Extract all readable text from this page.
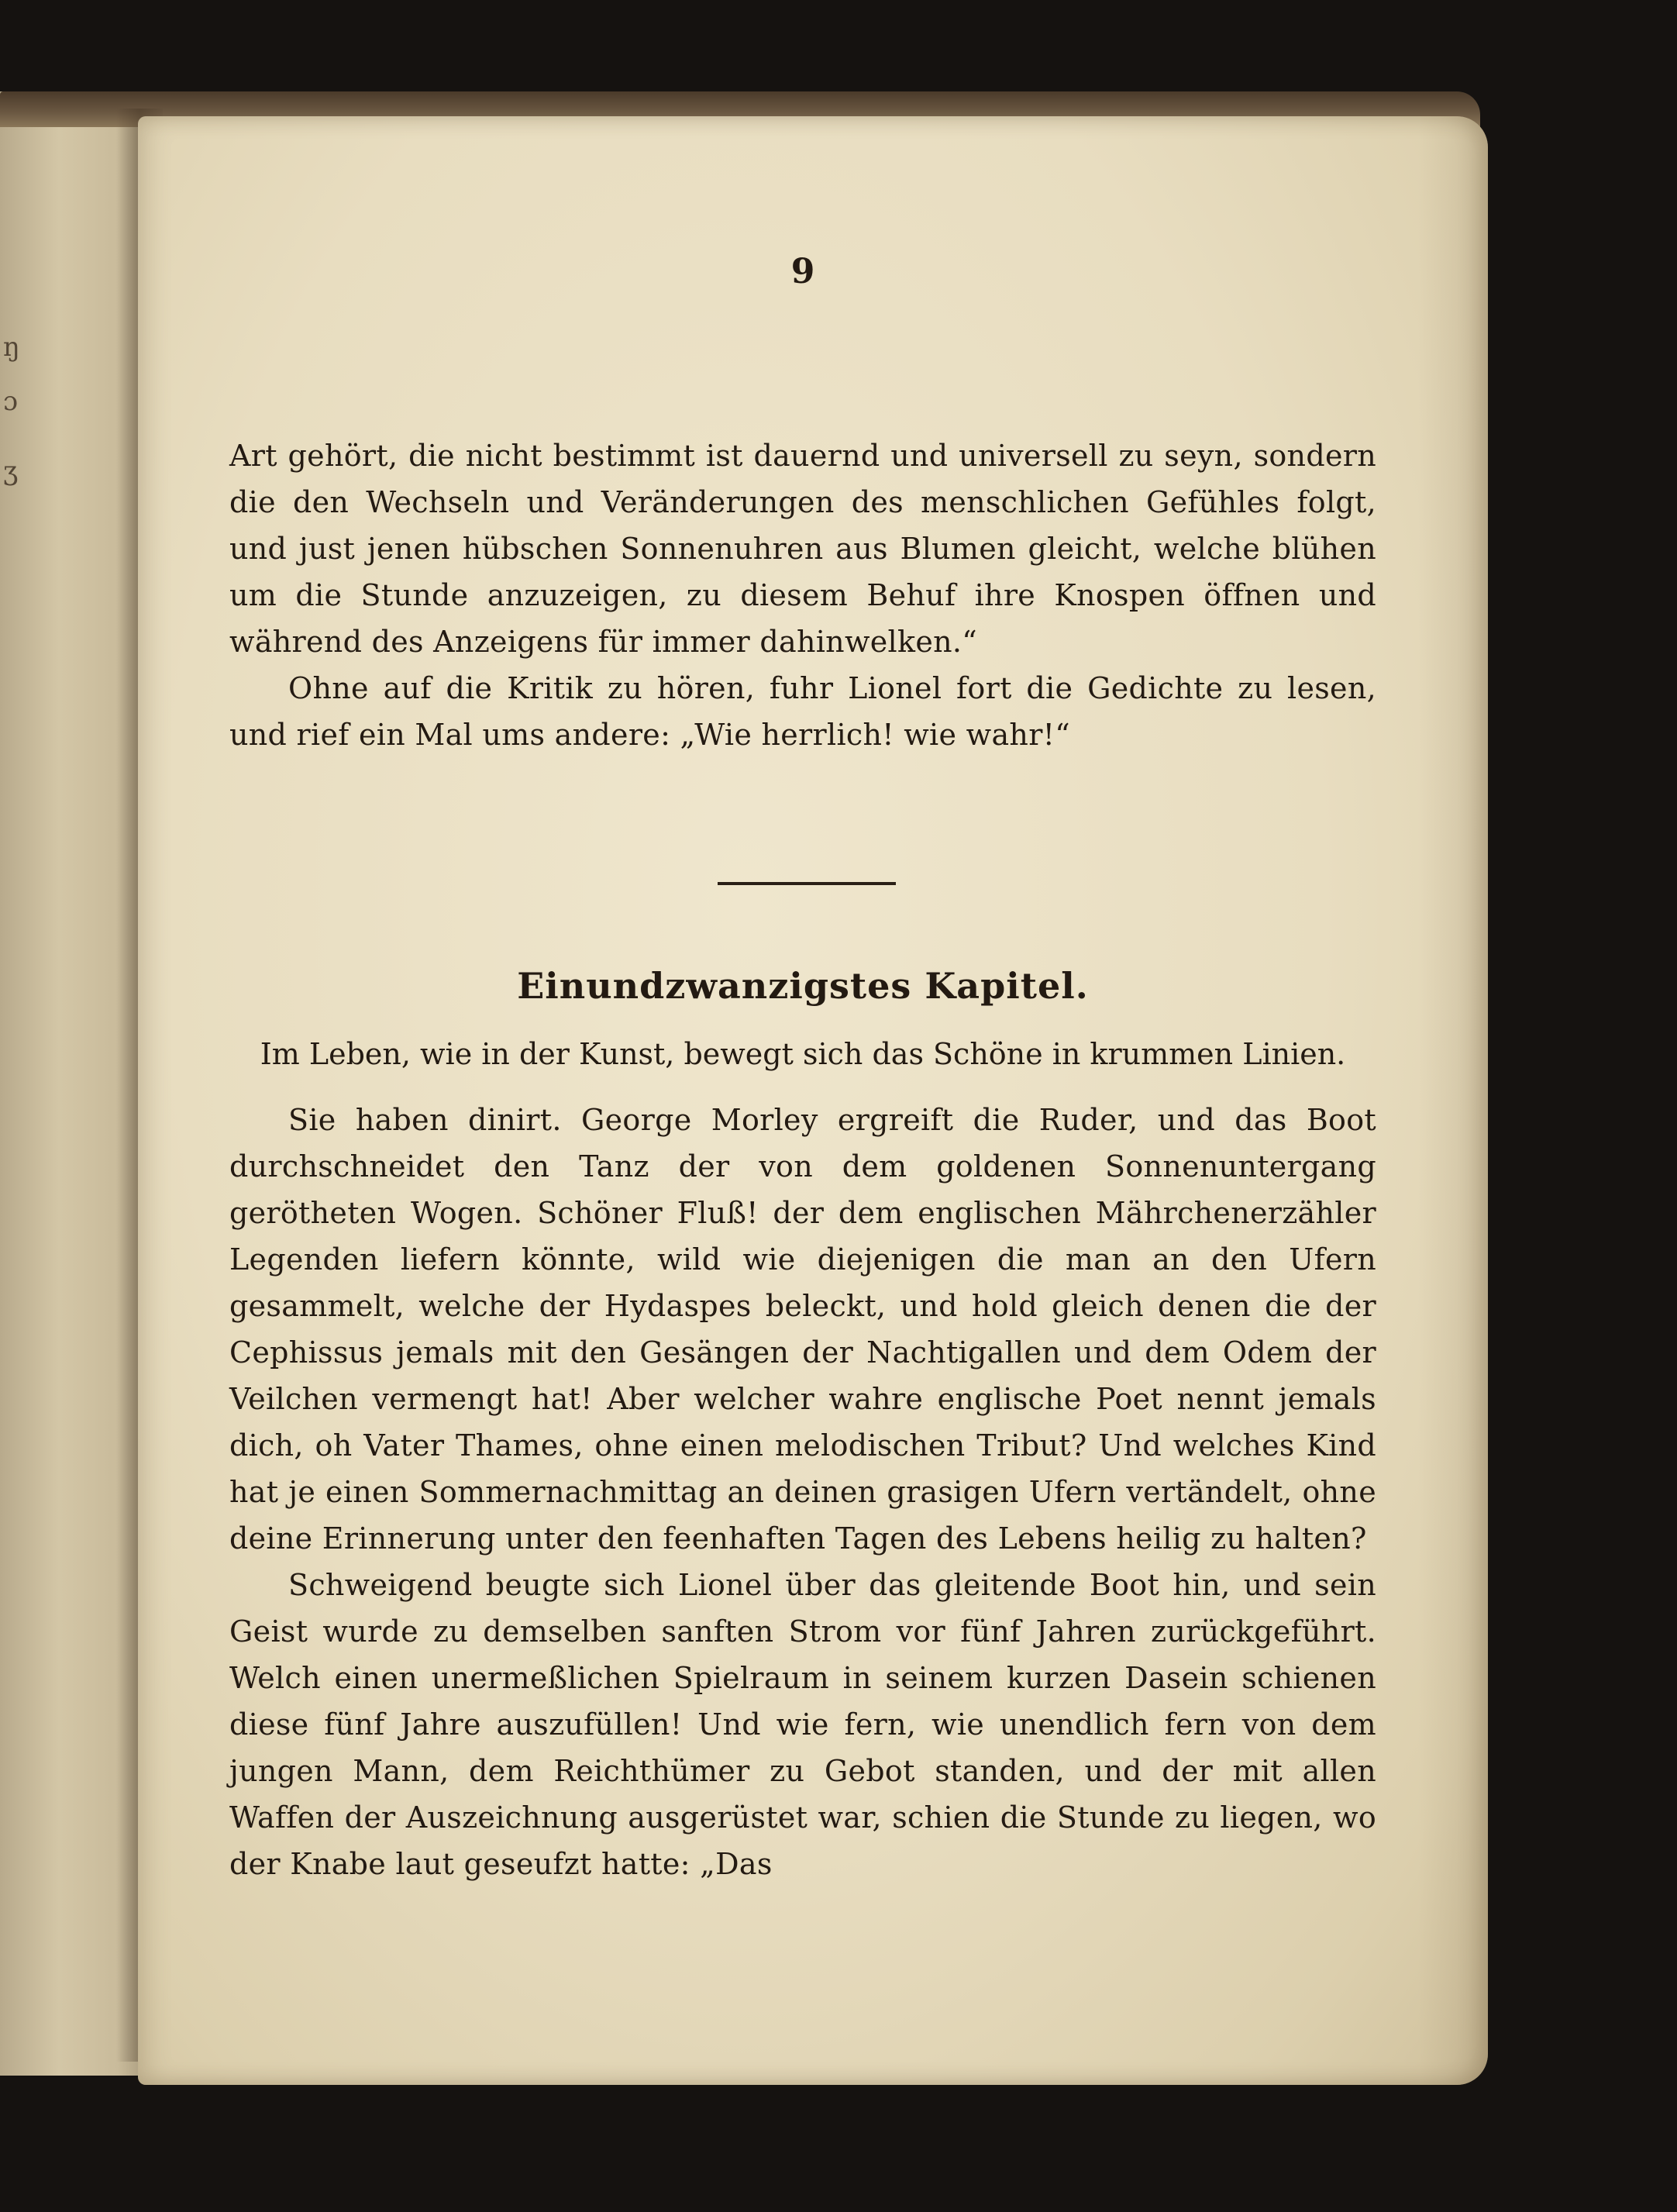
ŋ
ɔ
ʒ
9

Art gehört, die nicht bestimmt ist dauernd und universell zu seyn, sondern die den Wechseln und Veränderungen des menschlichen Gefühles folgt, und just jenen hübschen Sonnenuhren aus Blumen gleicht, welche blühen um die Stunde anzuzeigen, zu diesem Behuf ihre Knospen öffnen und während des Anzeigens für immer dahinwelken.“

Ohne auf die Kritik zu hören, fuhr Lionel fort die Gedichte zu lesen, und rief ein Mal ums andere: „Wie herrlich! wie wahr!“

Einundzwanzigstes Kapitel.
Im Leben, wie in der Kunst, bewegt sich das Schöne in krummen Linien.

Sie haben dinirt. George Morley ergreift die Ruder, und das Boot durchschneidet den Tanz der von dem goldenen Sonnenuntergang gerötheten Wogen. Schöner Fluß! der dem englischen Mährchenerzähler Legenden liefern könnte, wild wie diejenigen die man an den Ufern gesammelt, welche der Hydaspes beleckt, und hold gleich denen die der Cephissus jemals mit den Gesängen der Nachtigallen und dem Odem der Veilchen vermengt hat! Aber welcher wahre englische Poet nennt jemals dich, oh Vater Thames, ohne einen melodischen Tribut? Und welches Kind hat je einen Sommernachmittag an deinen grasigen Ufern vertändelt, ohne deine Erinnerung unter den feenhaften Tagen des Lebens heilig zu halten?

Schweigend beugte sich Lionel über das gleitende Boot hin, und sein Geist wurde zu demselben sanften Strom vor fünf Jahren zurückgeführt. Welch einen unermeßlichen Spielraum in seinem kurzen Dasein schienen diese fünf Jahre auszufüllen! Und wie fern, wie unendlich fern von dem jungen Mann, dem Reichthümer zu Gebot standen, und der mit allen Waffen der Auszeichnung ausgerüstet war, schien die Stunde zu liegen, wo der Knabe laut geseufzt hatte: „Das
